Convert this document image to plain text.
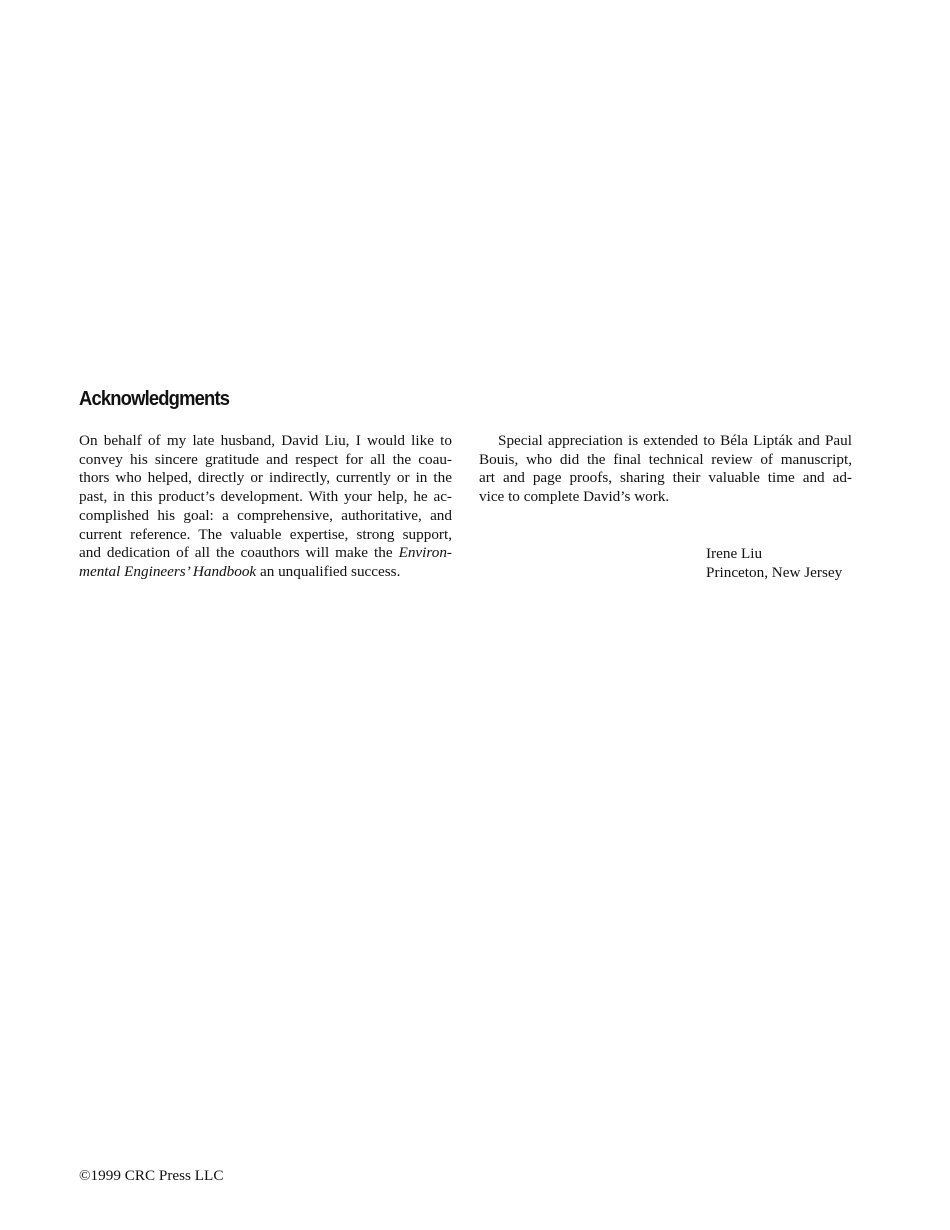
Acknowledgments
On behalf of my late husband, David Liu, I would like to
convey his sincere gratitude and respect for all the coau-
thors who helped, directly or indirectly, currently or in the
past, in this product’s development. With your help, he ac-
complished his goal: a comprehensive, authoritative, and
current reference. The valuable expertise, strong support,
and dedication of all the coauthors will make the Environ-
mental Engineers’ Handbook an unqualified success.
Special appreciation is extended to Béla Lipták and Paul
Bouis, who did the final technical review of manuscript,
art and page proofs, sharing their valuable time and ad-
vice to complete David’s work.
Irene Liu
Princeton, New Jersey
©1999 CRC Press LLC
